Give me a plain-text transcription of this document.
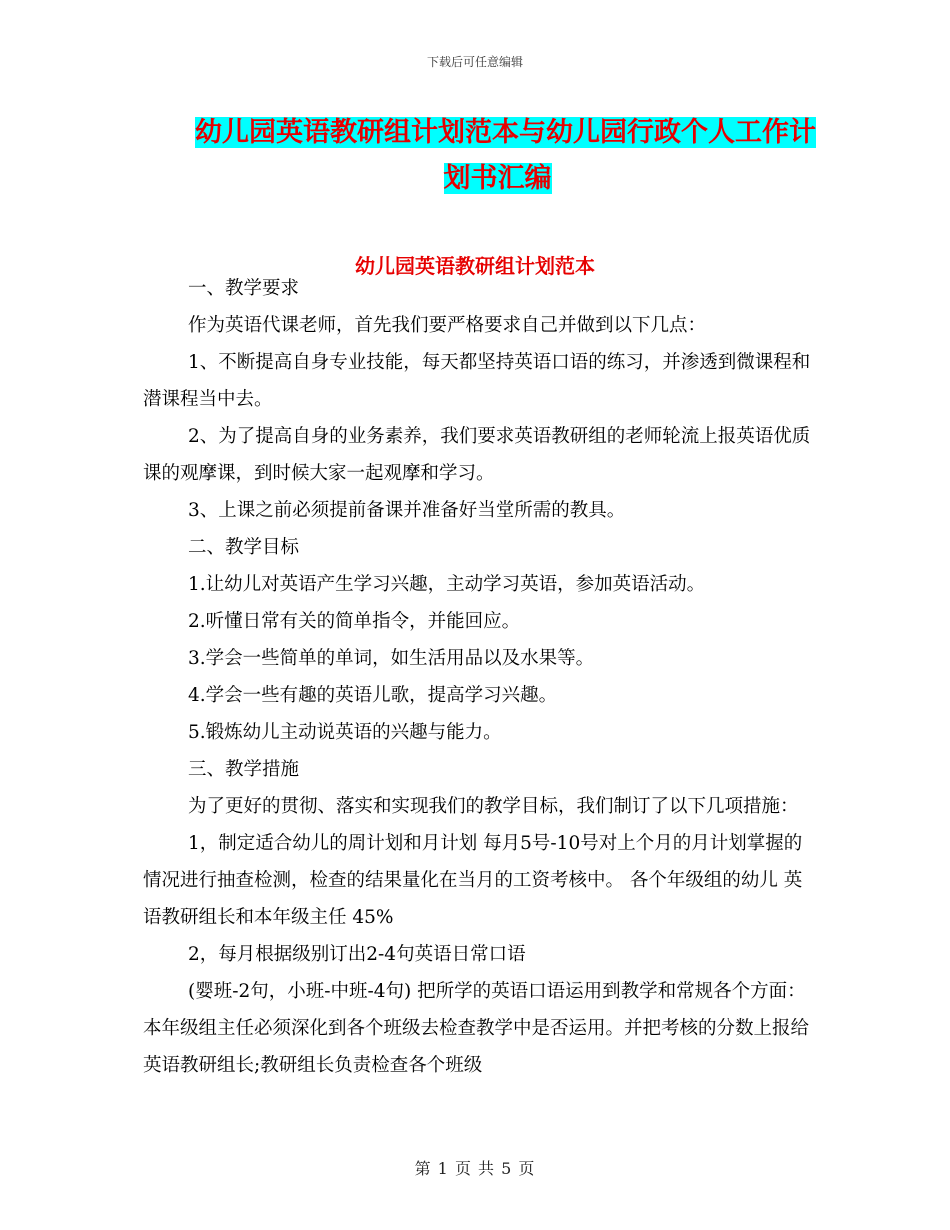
下载后可任意编辑
幼儿园英语教研组计划范本与幼儿园行政个人工作计
划书汇编
幼儿园英语教研组计划范本

一、教学要求

作为英语代课老师，首先我们要严格要求自己并做到以下几点：

1、不断提高自身专业技能，每天都坚持英语口语的练习，并渗透到微课程和潜课程当中去。

2、为了提高自身的业务素养，我们要求英语教研组的老师轮流上报英语优质课的观摩课，到时候大家一起观摩和学习。

3、上课之前必须提前备课并准备好当堂所需的教具。

二、教学目标

1.让幼儿对英语产生学习兴趣，主动学习英语，参加英语活动。

2.听懂日常有关的简单指令，并能回应。

3.学会一些简单的单词，如生活用品以及水果等。

4.学会一些有趣的英语儿歌，提高学习兴趣。

5.锻炼幼儿主动说英语的兴趣与能力。

三、教学措施

为了更好的贯彻、落实和实现我们的教学目标，我们制订了以下几项措施：

1，制定适合幼儿的周计划和月计划 每月5号-10号对上个月的月计划掌握的情况进行抽查检测，检查的结果量化在当月的工资考核中。 各个年级组的幼儿 英语教研组长和本年级主任 45%

2，每月根据级别订出2-4句英语日常口语

(婴班-2句，小班-中班-4句) 把所学的英语口语运用到教学和常规各个方面：本年级组主任必须深化到各个班级去检查教学中是否运用。并把考核的分数上报给英语教研组长;教研组长负责检查各个班级

第 1 页 共 5 页
